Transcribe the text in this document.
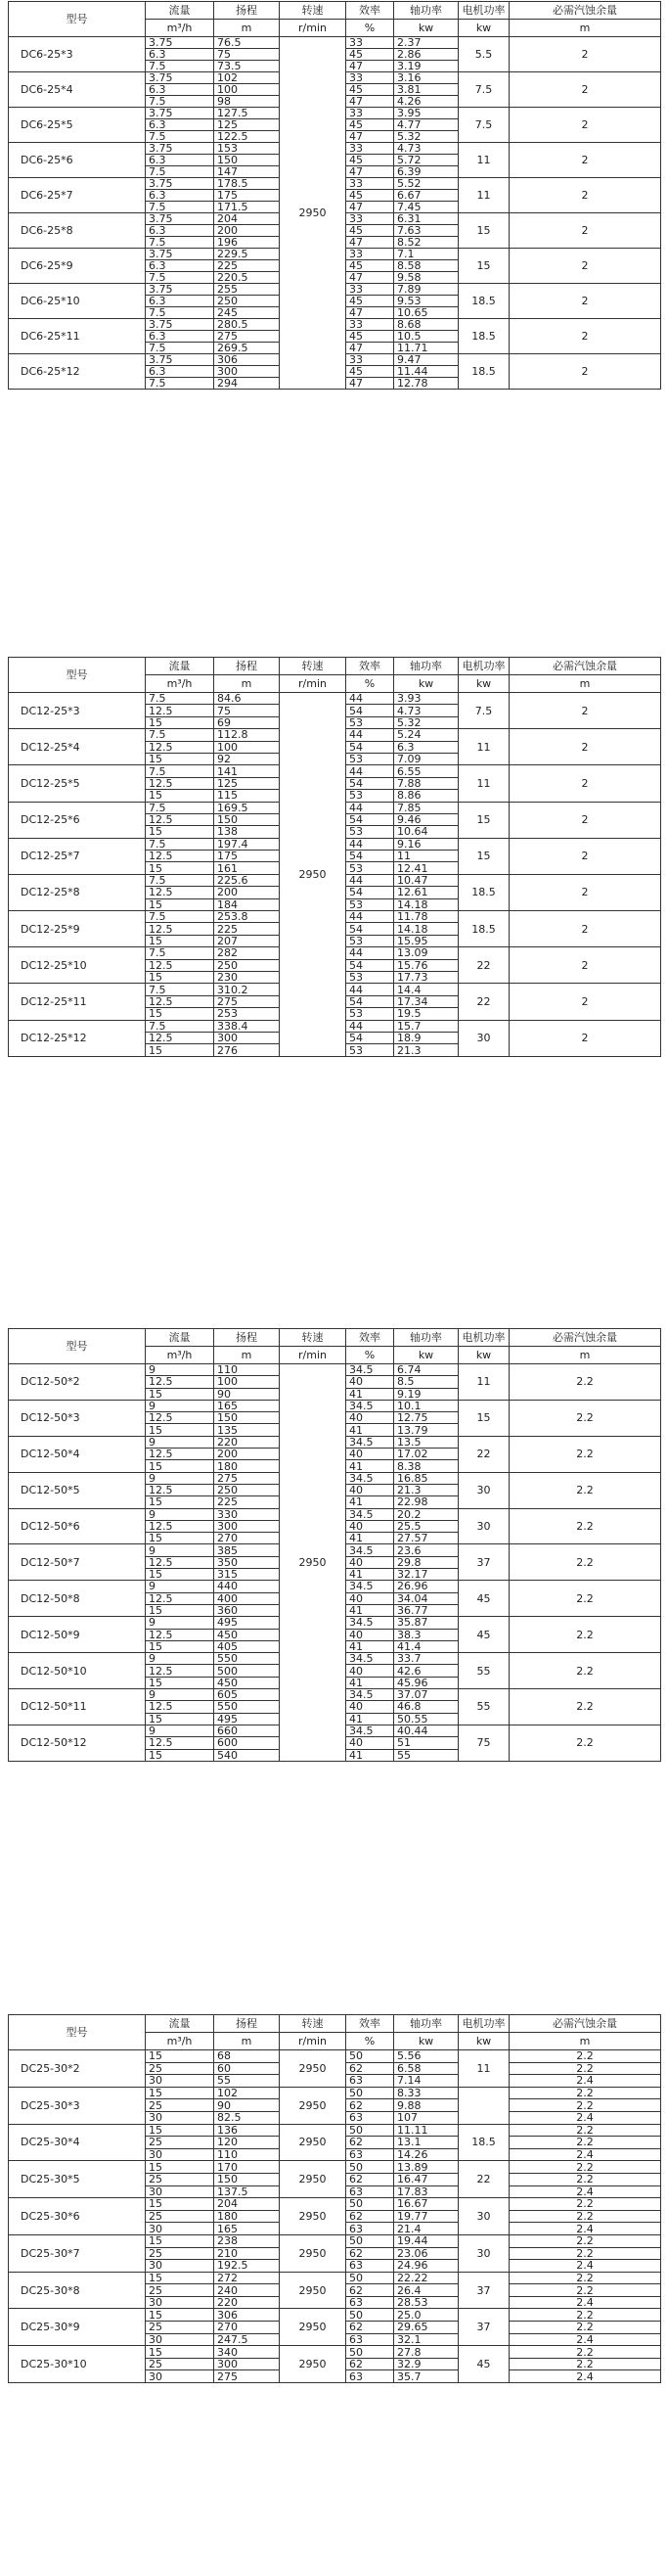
型号	流量	扬程	转速	效率	轴功率	电机功率	必需汽蚀余量
	m³/h	m	r/min	%	kw	kw	m
DC6-25*3	3.75	76.5	2950	33	2.37	5.5	2
	6.3	75		45	2.86		
	7.5	73.5		47	3.19		
DC6-25*4	3.75	102		33	3.16	7.5	2
	6.3	100		45	3.81		
	7.5	98		47	4.26		
DC6-25*5	3.75	127.5		33	3.95	7.5	2
	6.3	125		45	4.77		
	7.5	122.5		47	5.32		
DC6-25*6	3.75	153		33	4.73	11	2
	6.3	150		45	5.72		
	7.5	147		47	6.39		
DC6-25*7	3.75	178.5		33	5.52	11	2
	6.3	175		45	6.67		
	7.5	171.5		47	7.45		
DC6-25*8	3.75	204		33	6.31	15	2
	6.3	200		45	7.63		
	7.5	196		47	8.52		
DC6-25*9	3.75	229.5		33	7.1	15	2
	6.3	225		45	8.58		
	7.5	220.5		47	9.58		
DC6-25*10	3.75	255		33	7.89	18.5	2
	6.3	250		45	9.53		
	7.5	245		47	10.65		
DC6-25*11	3.75	280.5		33	8.68	18.5	2
	6.3	275		45	10.5		
	7.5	269.5		47	11.71		
DC6-25*12	3.75	306		33	9.47	18.5	2
	6.3	300		45	11.44		
	7.5	294		47	12.78		
型号	流量	扬程	转速	效率	轴功率	电机功率	必需汽蚀余量
	m³/h	m	r/min	%	kw	kw	m
DC12-25*3	7.5	84.6	2950	44	3.93	7.5	2
	12.5	75		54	4.73		
	15	69		53	5.32		
DC12-25*4	7.5	112.8		44	5.24	11	2
	12.5	100		54	6.3		
	15	92		53	7.09		
DC12-25*5	7.5	141		44	6.55	11	2
	12.5	125		54	7.88		
	15	115		53	8.86		
DC12-25*6	7.5	169.5		44	7.85	15	2
	12.5	150		54	9.46		
	15	138		53	10.64		
DC12-25*7	7.5	197.4		44	9.16	15	2
	12.5	175		54	11		
	15	161		53	12.41		
DC12-25*8	7.5	225.6		44	10.47	18.5	2
	12.5	200		54	12.61		
	15	184		53	14.18		
DC12-25*9	7.5	253.8		44	11.78	18.5	2
	12.5	225		54	14.18		
	15	207		53	15.95		
DC12-25*10	7.5	282		44	13.09	22	2
	12.5	250		54	15.76		
	15	230		53	17.73		
DC12-25*11	7.5	310.2		44	14.4	22	2
	12.5	275		54	17.34		
	15	253		53	19.5		
DC12-25*12	7.5	338.4		44	15.7	30	2
	12.5	300		54	18.9		
	15	276		53	21.3		
型号	流量	扬程	转速	效率	轴功率	电机功率	必需汽蚀余量
	m³/h	m	r/min	%	kw	kw	m
DC12-50*2	9	110	2950	34.5	6.74	11	2.2
	12.5	100		40	8.5		
	15	90		41	9.19		
DC12-50*3	9	165		34.5	10.1	15	2.2
	12.5	150		40	12.75		
	15	135		41	13.79		
DC12-50*4	9	220		34.5	13.5	22	2.2
	12.5	200		40	17.02		
	15	180		41	8.38		
DC12-50*5	9	275		34.5	16.85	30	2.2
	12.5	250		40	21.3		
	15	225		41	22.98		
DC12-50*6	9	330		34.5	20.2	30	2.2
	12.5	300		40	25.5		
	15	270		41	27.57		
DC12-50*7	9	385		34.5	23.6	37	2.2
	12.5	350		40	29.8		
	15	315		41	32.17		
DC12-50*8	9	440		34.5	26.96	45	2.2
	12.5	400		40	34.04		
	15	360		41	36.77		
DC12-50*9	9	495		34.5	35.87	45	2.2
	12.5	450		40	38.3		
	15	405		41	41.4		
DC12-50*10	9	550		34.5	33.7	55	2.2
	12.5	500		40	42.6		
	15	450		41	45.96		
DC12-50*11	9	605		34.5	37.07	55	2.2
	12.5	550		40	46.8		
	15	495		41	50.55		
DC12-50*12	9	660		34.5	40.44	75	2.2
	12.5	600		40	51		
	15	540		41	55		
型号	流量	扬程	转速	效率	轴功率	电机功率	必需汽蚀余量
	m³/h	m	r/min	%	kw	kw	m
DC25-30*2	15	68	2950	50	5.56	11	2.2
	25	60		62	6.58		2.2
	30	55		63	7.14		2.4
DC25-30*3	15	102	2950	50	8.33		2.2
	25	90		62	9.88		2.2
	30	82.5		63	107		2.4
DC25-30*4	15	136	2950	50	11.11	18.5	2.2
	25	120		62	13.1		2.2
	30	110		63	14.26		2.4
DC25-30*5	15	170	2950	50	13.89	22	2.2
	25	150		62	16.47		2.2
	30	137.5		63	17.83		2.4
DC25-30*6	15	204	2950	50	16.67	30	2.2
	25	180		62	19.77		2.2
	30	165		63	21.4		2.4
DC25-30*7	15	238	2950	50	19.44	30	2.2
	25	210		62	23.06		2.2
	30	192.5		63	24.96		2.4
DC25-30*8	15	272	2950	50	22.22	37	2.2
	25	240		62	26.4		2.2
	30	220		63	28.53		2.4
DC25-30*9	15	306	2950	50	25.0	37	2.2
	25	270		62	29.65		2.2
	30	247.5		63	32.1		2.4
DC25-30*10	15	340	2950	50	27.8	45	2.2
	25	300		62	32.9		2.2
	30	275		63	35.7		2.4
